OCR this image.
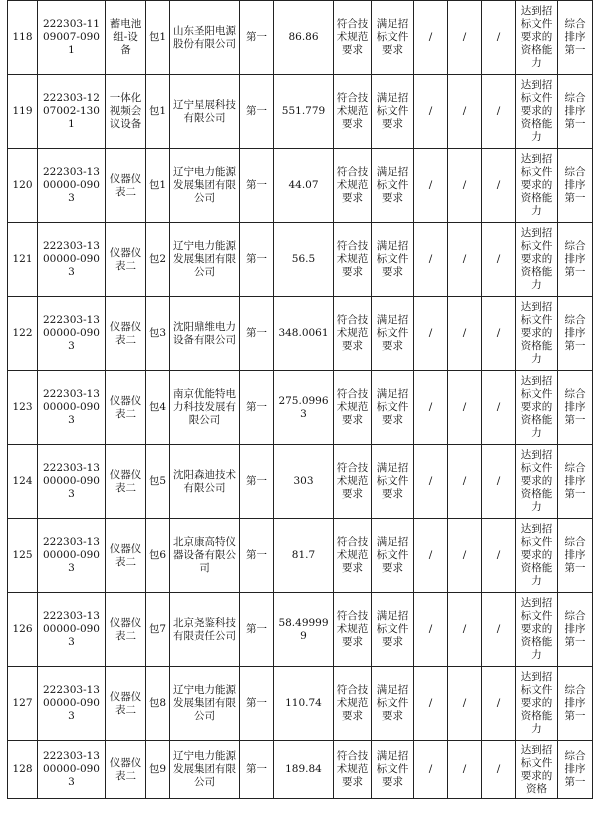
118	222303-1109007-0901	蓄电池组-设备	包1	山东圣阳电源股份有限公司	第一	86.86	符合技术规范要求	满足招标文件要求	/	/	/	达到招标文件要求的资格能力	综合排序第一
119	222303-1207002-1301	一体化视频会议设备	包1	辽宁星展科技有限公司	第一	551.779	符合技术规范要求	满足招标文件要求	/	/	/	达到招标文件要求的资格能力	综合排序第一
120	222303-1300000-0903	仪器仪表二	包1	辽宁电力能源发展集团有限公司	第一	44.07	符合技术规范要求	满足招标文件要求	/	/	/	达到招标文件要求的资格能力	综合排序第一
121	222303-1300000-0903	仪器仪表二	包2	辽宁电力能源发展集团有限公司	第一	56.5	符合技术规范要求	满足招标文件要求	/	/	/	达到招标文件要求的资格能力	综合排序第一
122	222303-1300000-0903	仪器仪表二	包3	沈阳鼎维电力设备有限公司	第一	348.0061	符合技术规范要求	满足招标文件要求	/	/	/	达到招标文件要求的资格能力	综合排序第一
123	222303-1300000-0903	仪器仪表二	包4	南京优能特电力科技发展有限公司	第一	275.09963	符合技术规范要求	满足招标文件要求	/	/	/	达到招标文件要求的资格能力	综合排序第一
124	222303-1300000-0903	仪器仪表二	包5	沈阳森迪技术有限公司	第一	303	符合技术规范要求	满足招标文件要求	/	/	/	达到招标文件要求的资格能力	综合排序第一
125	222303-1300000-0903	仪器仪表二	包6	北京康高特仪器设备有限公司	第一	81.7	符合技术规范要求	满足招标文件要求	/	/	/	达到招标文件要求的资格能力	综合排序第一
126	222303-1300000-0903	仪器仪表二	包7	北京尧鉴科技有限责任公司	第一	58.499999	符合技术规范要求	满足招标文件要求	/	/	/	达到招标文件要求的资格能力	综合排序第一
127	222303-1300000-0903	仪器仪表二	包8	辽宁电力能源发展集团有限公司	第一	110.74	符合技术规范要求	满足招标文件要求	/	/	/	达到招标文件要求的资格能力	综合排序第一
128	222303-1300000-0903	仪器仪表二	包9	辽宁电力能源发展集团有限公司	第一	189.84	符合技术规范要求	满足招标文件要求	/	/	/	达到招标文件要求的资格	综合排序第一
